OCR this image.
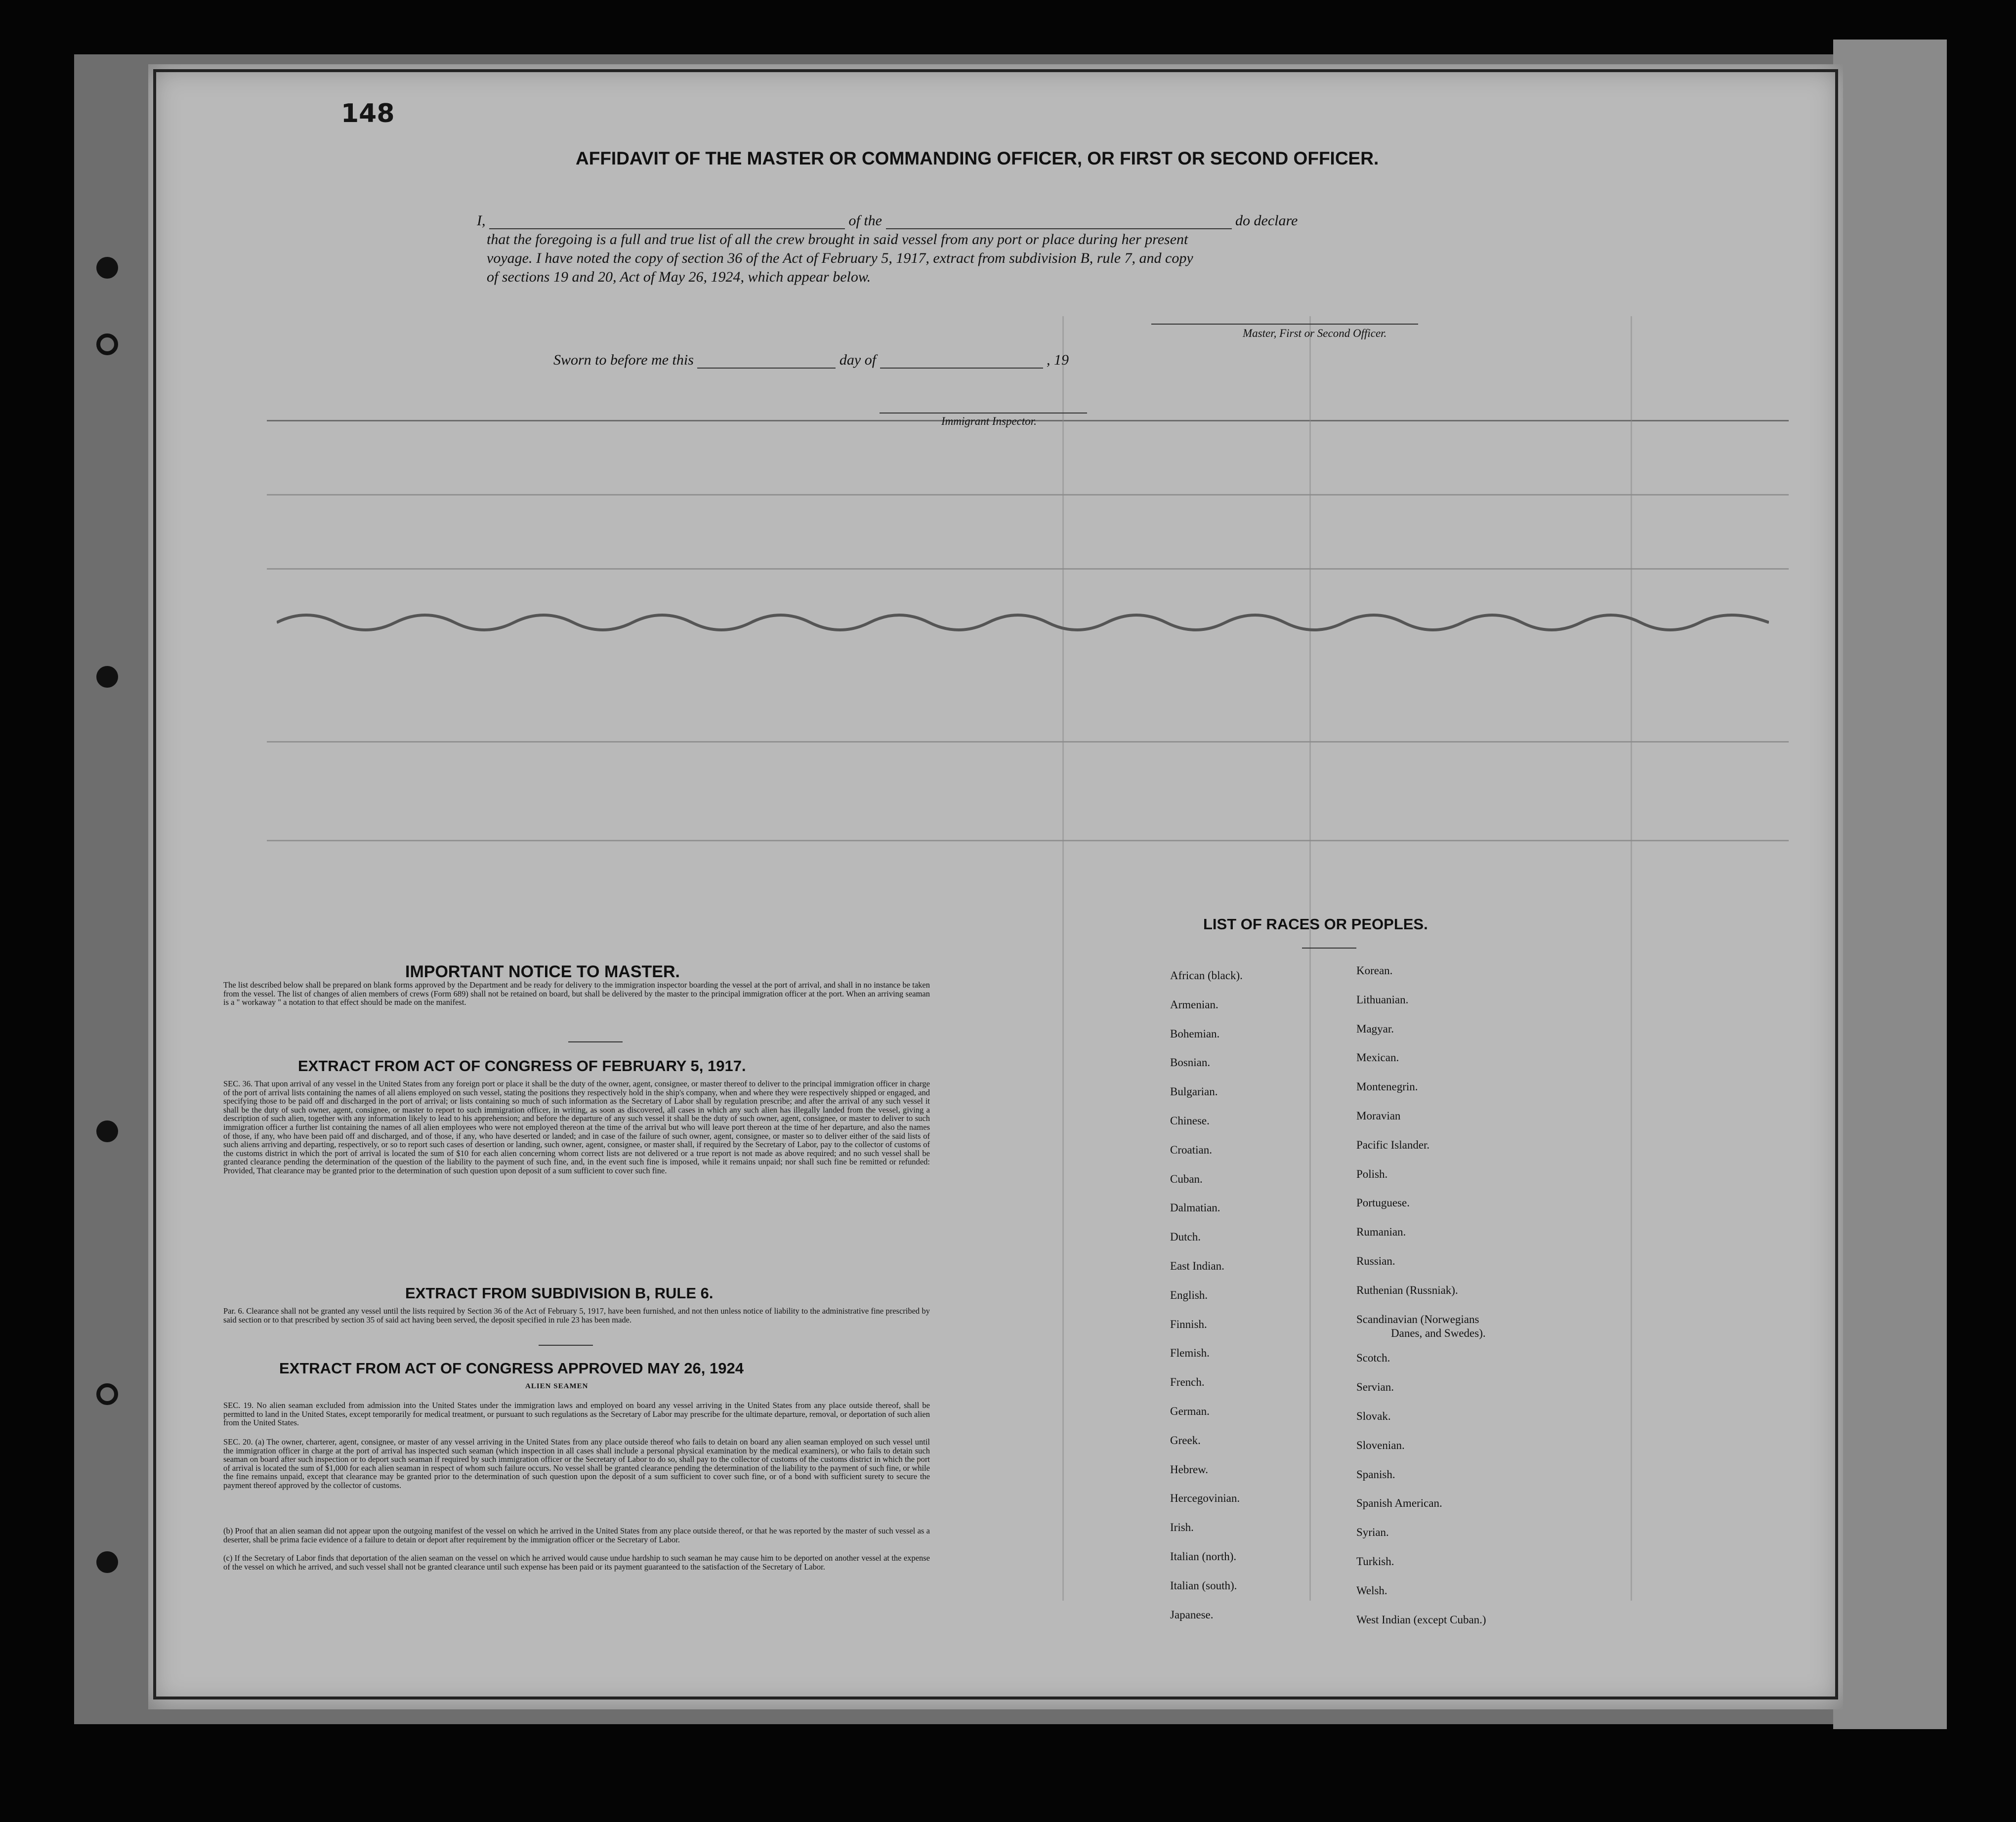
148
AFFIDAVIT OF THE MASTER OR COMMANDING OFFICER, OR FIRST OR SECOND OFFICER.
I,	of the	do declare
that the foregoing is a full and true list of all the crew brought in said vessel from any port or place during her present
voyage. I have noted the copy of section 36 of the Act of February 5, 1917, extract from subdivision B, rule 7, and copy
of sections 19 and 20, Act of May 26, 1924, which appear below.
Master, First or Second Officer.
Sworn to before me this	day of	, 19
Immigrant Inspector.
IMPORTANT NOTICE TO MASTER.
The list described below shall be prepared on blank forms approved by the Department and be ready for delivery to the immigration inspector boarding the vessel at the port of arrival, and shall in no instance be taken from the vessel. The list of changes of alien members of crews (Form 689) shall not be retained on board, but shall be delivered by the master to the principal immigration officer at the port. When an arriving seaman is a " workaway " a notation to that effect should be made on the manifest.
EXTRACT FROM ACT OF CONGRESS OF FEBRUARY 5, 1917.
SEC. 36. That upon arrival of any vessel in the United States from any foreign port or place it shall be the duty of the owner, agent, consignee, or master thereof to deliver to the principal immigration officer in charge of the port of arrival lists containing the names of all aliens employed on such vessel, stating the positions they respectively hold in the ship's company, when and where they were respectively shipped or engaged, and specifying those to be paid off and discharged in the port of arrival; or lists containing so much of such information as the Secretary of Labor shall by regulation prescribe; and after the arrival of any such vessel it shall be the duty of such owner, agent, consignee, or master to report to such immigration officer, in writing, as soon as discovered, all cases in which any such alien has illegally landed from the vessel, giving a description of such alien, together with any information likely to lead to his apprehension; and before the departure of any such vessel it shall be the duty of such owner, agent, consignee, or master to deliver to such immigration officer a further list containing the names of all alien employees who were not employed thereon at the time of the arrival but who will leave port thereon at the time of her departure, and also the names of those, if any, who have been paid off and discharged, and of those, if any, who have deserted or landed; and in case of the failure of such owner, agent, consignee, or master so to deliver either of the said lists of such aliens arriving and departing, respectively, or so to report such cases of desertion or landing, such owner, agent, consignee, or master shall, if required by the Secretary of Labor, pay to the collector of customs of the customs district in which the port of arrival is located the sum of $10 for each alien concerning whom correct lists are not delivered or a true report is not made as above required; and no such vessel shall be granted clearance pending the determination of the question of the liability to the payment of such fine, and, in the event such fine is imposed, while it remains unpaid; nor shall such fine be remitted or refunded: Provided, That clearance may be granted prior to the determination of such question upon deposit of a sum sufficient to cover such fine.
EXTRACT FROM SUBDIVISION B, RULE 6.
Par. 6. Clearance shall not be granted any vessel until the lists required by Section 36 of the Act of February 5, 1917, have been furnished, and not then unless notice of liability to the administrative fine prescribed by said section or to that prescribed by section 35 of said act having been served, the deposit specified in rule 23 has been made.
EXTRACT FROM ACT OF CONGRESS APPROVED MAY 26, 1924
ALIEN SEAMEN
SEC. 19. No alien seaman excluded from admission into the United States under the immigration laws and employed on board any vessel arriving in the United States from any place outside thereof, shall be permitted to land in the United States, except temporarily for medical treatment, or pursuant to such regulations as the Secretary of Labor may prescribe for the ultimate departure, removal, or deportation of such alien from the United States.
SEC. 20. (a) The owner, charterer, agent, consignee, or master of any vessel arriving in the United States from any place outside thereof who fails to detain on board any alien seaman employed on such vessel until the immigration officer in charge at the port of arrival has inspected such seaman (which inspection in all cases shall include a personal physical examination by the medical examiners), or who fails to detain such seaman on board after such inspection or to deport such seaman if required by such immigration officer or the Secretary of Labor to do so, shall pay to the collector of customs of the customs district in which the port of arrival is located the sum of $1,000 for each alien seaman in respect of whom such failure occurs. No vessel shall be granted clearance pending the determination of the liability to the payment of such fine, or while the fine remains unpaid, except that clearance may be granted prior to the determination of such question upon the deposit of a sum sufficient to cover such fine, or of a bond with sufficient surety to secure the payment thereof approved by the collector of customs.
(b) Proof that an alien seaman did not appear upon the outgoing manifest of the vessel on which he arrived in the United States from any place outside thereof, or that he was reported by the master of such vessel as a deserter, shall be prima facie evidence of a failure to detain or deport after requirement by the immigration officer or the Secretary of Labor.
(c) If the Secretary of Labor finds that deportation of the alien seaman on the vessel on which he arrived would cause undue hardship to such seaman he may cause him to be deported on another vessel at the expense of the vessel on which he arrived, and such vessel shall not be granted clearance until such expense has been paid or its payment guaranteed to the satisfaction of the Secretary of Labor.
LIST OF RACES OR PEOPLES.
African (black).
Armenian.
Bohemian.
Bosnian.
Bulgarian.
Chinese.
Croatian.
Cuban.
Dalmatian.
Dutch.
East Indian.
English.
Finnish.
Flemish.
French.
German.
Greek.
Hebrew.
Hercegovinian.
Irish.
Italian (north).
Italian (south).
Japanese.
Korean.
Lithuanian.
Magyar.
Mexican.
Montenegrin.
Moravian
Pacific Islander.
Polish.
Portuguese.
Rumanian.
Russian.
Ruthenian (Russniak).
Scandinavian (Norwegians
Scotch.
Servian.
Slovak.
Slovenian.
Spanish.
Spanish American.
Syrian.
Turkish.
Welsh.
West Indian (except Cuban.)
Danes, and Swedes).
